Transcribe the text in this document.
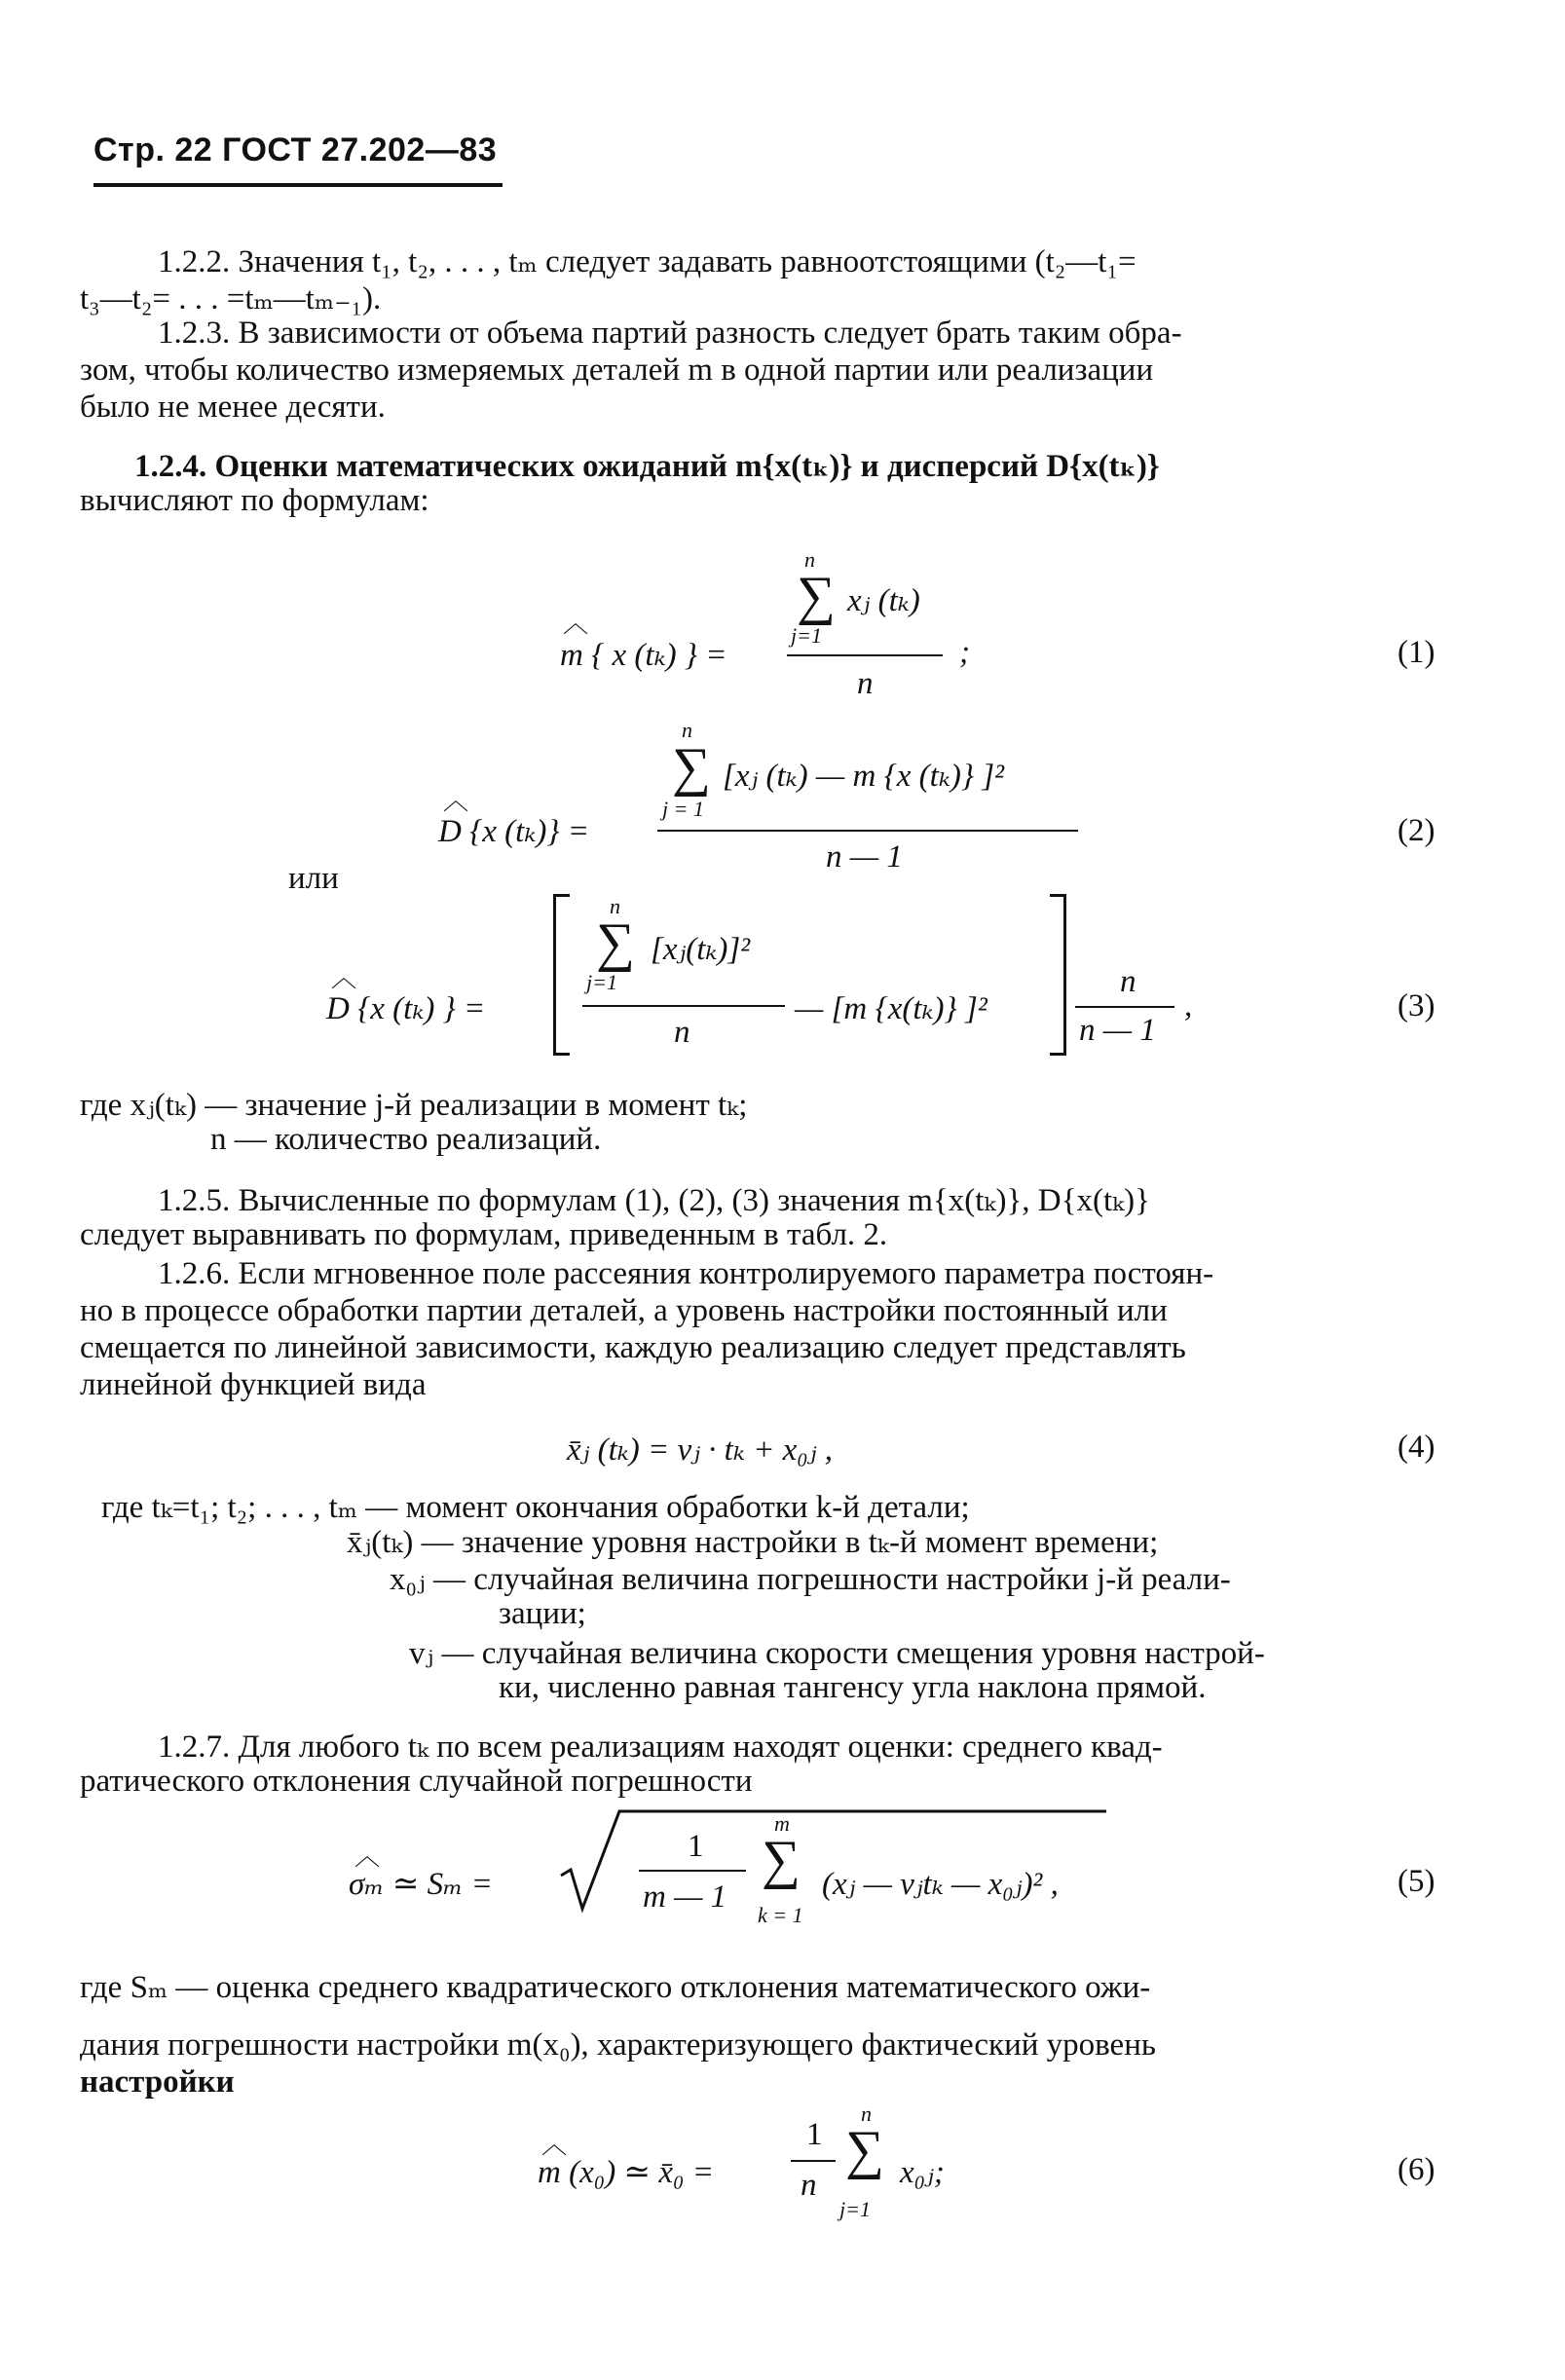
Стр. 22 ГОСТ 27.202—83
1.2.2. Значения t₁, t₂, . . . , tₘ следует задавать равноотстоящими (t₂—t₁=
t₃—t₂= . . . =tₘ—tₘ₋₁).
1.2.3. В зависимости от объема партий разность следует брать таким обра-
зом, чтобы количество измеряемых деталей m в одной партии или реализации
было не менее десяти.
1.2.4. Оценки математических ожиданий m{x(tₖ)} и дисперсий D{x(tₖ)}
вычисляют по формулам:
m { x (tₖ) } =
︿
n
∑ xⱼ (tₖ)
j=1
n
;	(1)
n
∑ [xⱼ (tₖ) — m {x (tₖ)} ]²
j = 1
︿
D {x (tₖ)} =
n — 1
(2)
или
︿
D {x (tₖ) } =
n
∑ [xⱼ(tₖ)]²
j=1
n
— [m {x(tₖ)} ]²
n
n — 1
,	(3)
где xⱼ(tₖ) — значение j-й реализации в момент tₖ;
n — количество реализаций.
1.2.5. Вычисленные по формулам (1), (2), (3) значения m{x(tₖ)}, D{x(tₖ)}
следует выравнивать по формулам, приведенным в табл. 2.
1.2.6. Если мгновенное поле рассеяния контролируемого параметра постоян-
но в процессе обработки партии деталей, а уровень настройки постоянный или
смещается по линейной зависимости, каждую реализацию следует представлять
линейной функцией вида
x̄ⱼ (tₖ) = vⱼ · tₖ + x₀ⱼ ,	(4)
где tₖ=t₁; t₂; . . . , tₘ — момент окончания обработки k-й детали;
x̄ⱼ(tₖ) — значение уровня настройки в tₖ-й момент времени;
x₀ⱼ — случайная величина погрешности настройки j-й реали-
зации;
vⱼ — случайная величина скорости смещения уровня настрой-
ки, численно равная тангенсу угла наклона прямой.
1.2.7. Для любого tₖ по всем реализациям находят оценки: среднего квад-
ратического отклонения случайной погрешности
︿
σₘ ≃ Sₘ =
1
m — 1
m
∑
k = 1
(xⱼ — vⱼtₖ — x₀ⱼ)² ,	(5)
где Sₘ — оценка среднего квадратического отклонения математического ожи-
дания погрешности настройки m(x₀), характеризующего фактический уровень
настройки
︿
m (x₀) ≃ x̄₀ =
1
n
n
∑
j=1
x₀ⱼ;	(6)
